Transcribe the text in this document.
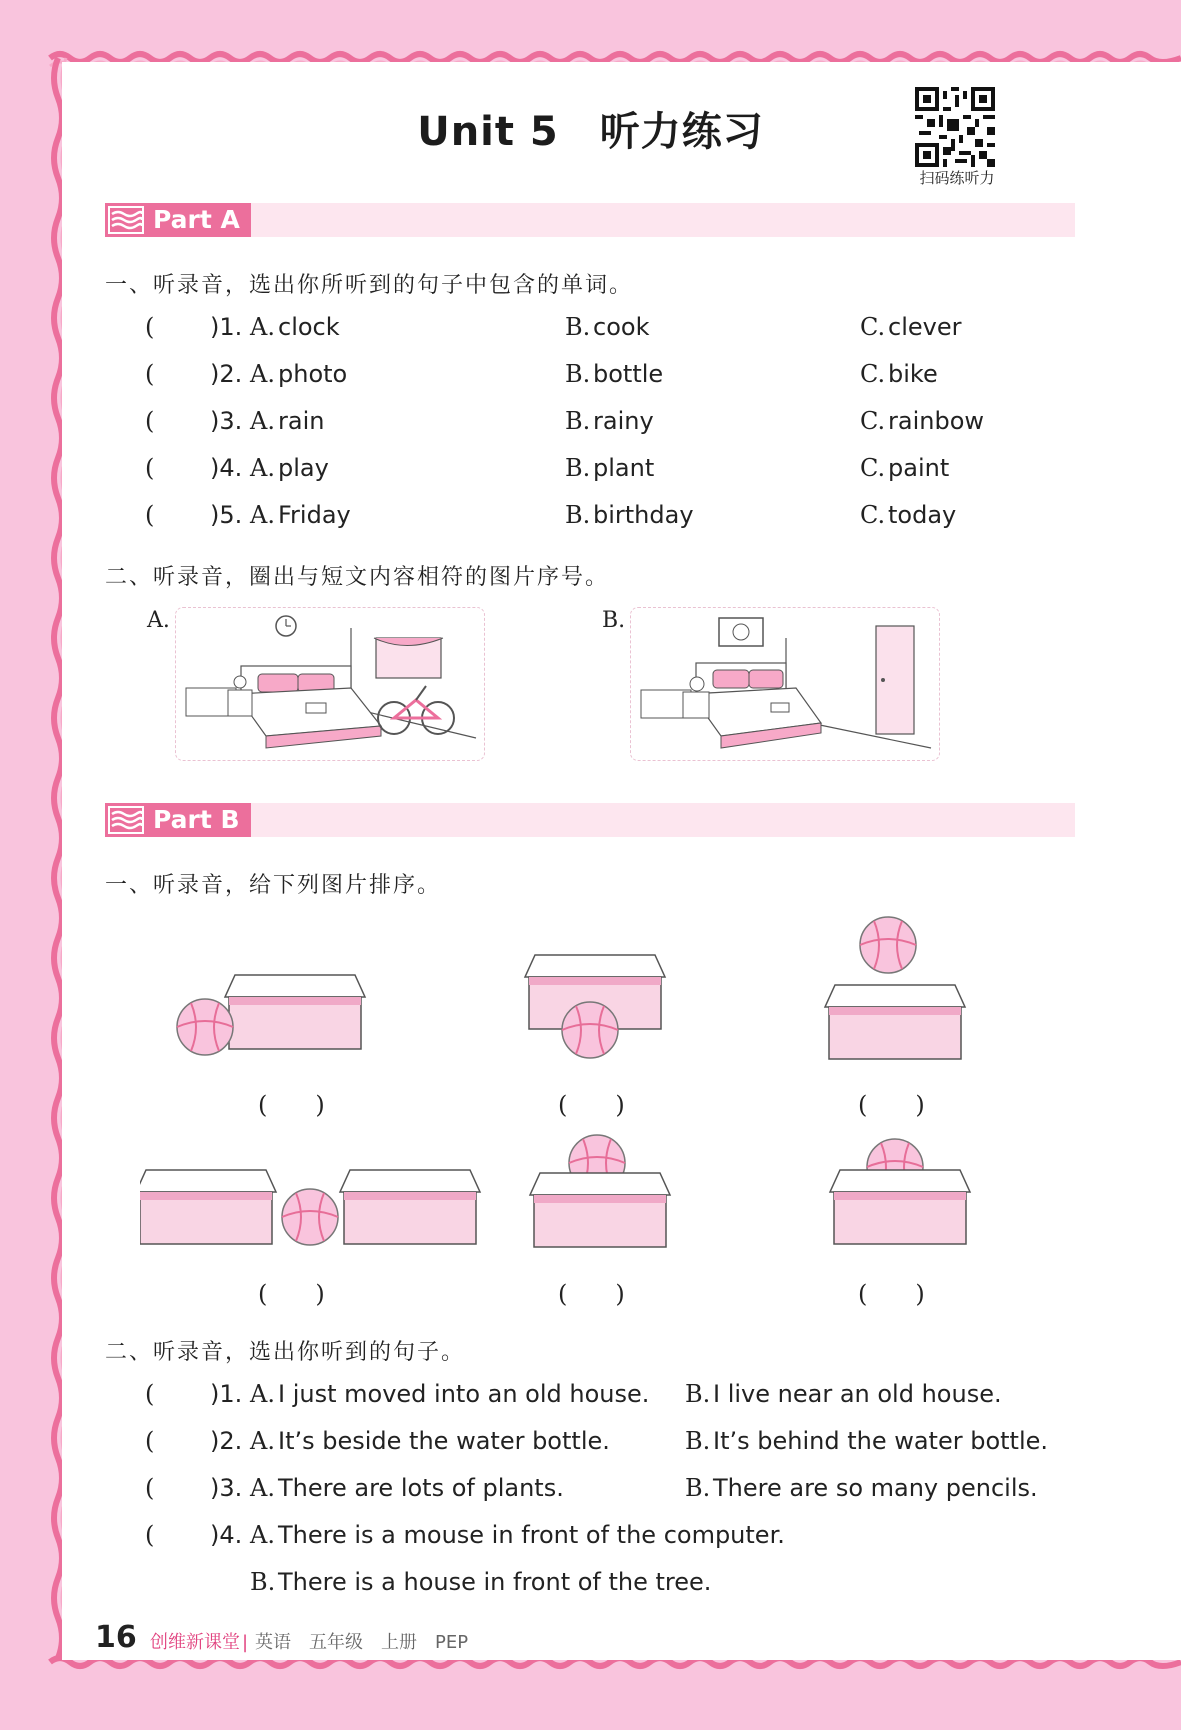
Unit 5　听力练习
扫码练听力
Part A
一、听录音，选出你所听到的句子中包含的单词。
( )1. A. clock	B. cook	C. clever
( )2. A. photo	B. bottle	C. bike
( )3. A. rain	B. rainy	C. rainbow
( )4. A. play	B. plant	C. paint
( )5. A. Friday	B. birthday	C. today
二、听录音，圈出与短文内容相符的图片序号。
A.	B.
Part B
一、听录音，给下列图片排序。
(　　)	(　　)	(　　)
(　　)	(　　)	(　　)
二、听录音，选出你听到的句子。
( )1. A. I just moved into an old house. B. I live near an old house.
( )2. A. It’s beside the water bottle.	B. It’s behind the water bottle.
( )3. A. There are lots of plants.	B. There are so many pencils.
( )4. A. There is a mouse in front of the computer.
B. There is a house in front of the tree.
16 创维新课堂 | 英语　五年级　上册　PEP
